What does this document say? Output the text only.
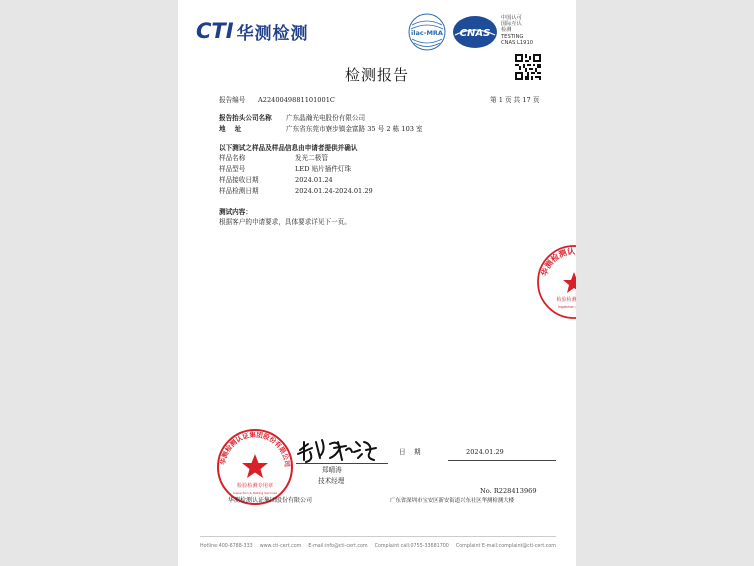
CTI 华测检测	ilac-MRA CNAS
中国认可
国际互认
检测
TESTING
CNAS L1910
检测报告
报告编号 A2240049881101001C	第 1 页 共 17 页
报告抬头公司名称 广东晶瀚光电股份有限公司
地    址	广东省东莞市寮步镇金富路 35 号 2 栋 103 室
以下测试之样品及样品信息由申请者提供并确认
样品名称	发光二极管
样品型号	LED 贴片插件灯珠
样品接收日期	2024.01.24
样品检测日期	2024.01.24-2024.01.29
测试内容：
根据客户的申请要求，具体要求详见下一页。
华测检测认证集团
检验检测专用章
Inspection & Testing
华测检测认证集团股份有限公司
检验检测专用章
Inspection & Testing Services
日    期	2024.01.29
郑晴涛
技术经理
No. R228413969
华测检测认证集团股份有限公司	广东省深圳市宝安区新安街道兴东社区华测检测大楼
Hotline:400-6788-333 www.cti-cert.com E-mail:info@cti-cert.com Complaint call:0755-33681700 Complaint E-mail:complaint@cti-cert.com
